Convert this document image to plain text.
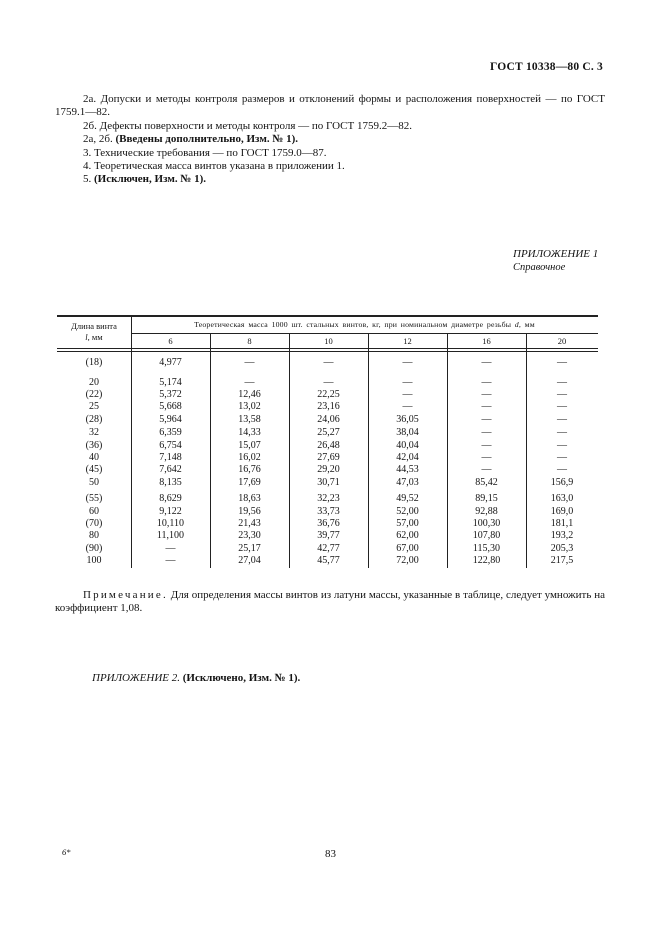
ГОСТ 10338—80 С. 3

2а. Допуски и методы контроля размеров и отклонений формы и расположения поверхностей — по ГОСТ 1759.1—82.

2б. Дефекты поверхности и методы контроля — по ГОСТ 1759.2—82.

2а, 2б. (Введены дополнительно, Изм. № 1).

3. Технические требования — по ГОСТ 1759.0—87.

4. Теоретическая масса винтов указана в приложении 1.

5. (Исключен, Изм. № 1).

ПРИЛОЖЕНИЕ 1
Справочное
Длина винта
l, мм
Теоретическая масса 1000 шт. стальных винтов, кг, при номинальном диаметре резьбы d, мм
6	8	10	12	16	20
(18)	4,977	—	—	—	—	—
20	5,174	—	—	—	—	—
(22)	5,372	12,46	22,25	—	—	—
25	5,668	13,02	23,16	—	—	—
(28)	5,964	13,58	24,06	36,05	—	—
32	6,359	14,33	25,27	38,04	—	—
(36)	6,754	15,07	26,48	40,04	—	—
40	7,148	16,02	27,69	42,04	—	—
(45)	7,642	16,76	29,20	44,53	—	—
50	8,135	17,69	30,71	47,03	85,42	156,9
(55)	8,629	18,63	32,23	49,52	89,15	163,0
60	9,122	19,56	33,73	52,00	92,88	169,0
(70)	10,110	21,43	36,76	57,00	100,30	181,1
80	11,100	23,30	39,77	62,00	107,80	193,2
(90)	—	25,17	42,77	67,00	115,30	205,3
100	—	27,04	45,77	72,00	122,80	217,5
Примечание. Для определения массы винтов из латуни массы, указанные в таблице, следует умножить на коэффициент 1,08.
ПРИЛОЖЕНИЕ 2. (Исключено, Изм. № 1).
6*	83
